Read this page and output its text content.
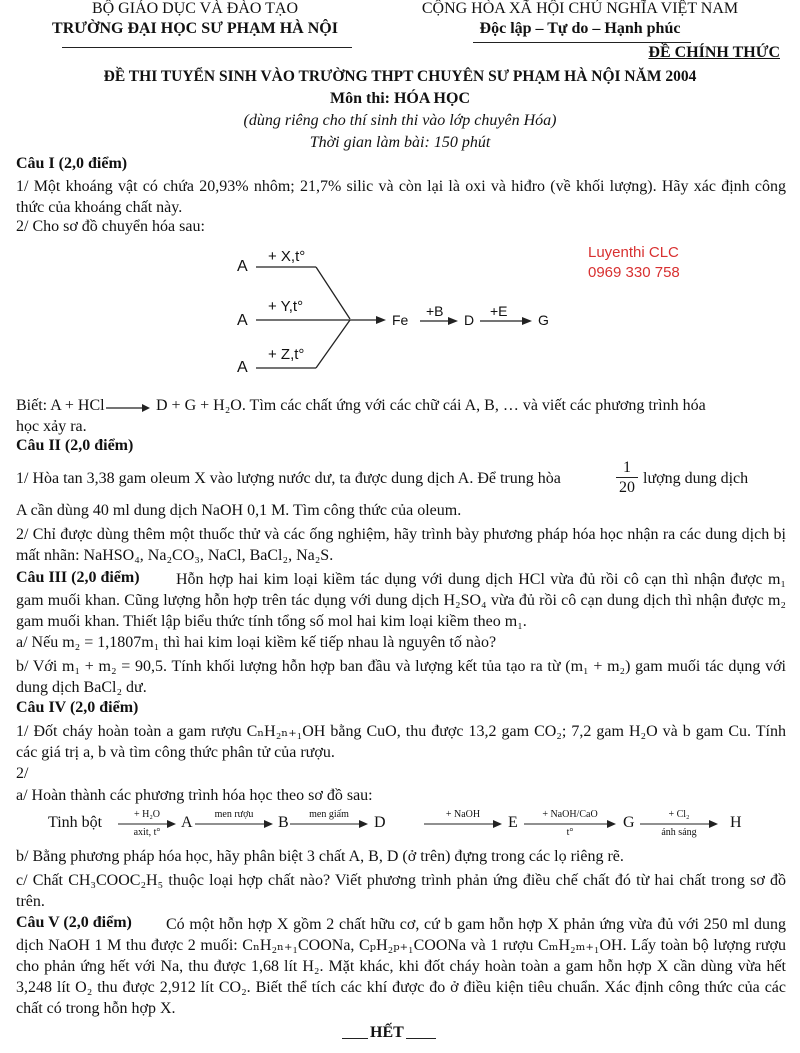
BỘ GIÁO DỤC VÀ ĐÀO TẠO
TRƯỜNG ĐẠI HỌC SƯ PHẠM HÀ NỘI
CỘNG HÒA XÃ HỘI CHỦ NGHĨA VIỆT NAM
Độc lập – Tự do – Hạnh phúc
ĐỀ CHÍNH THỨC
ĐỀ THI TUYỂN SINH VÀO TRƯỜNG THPT CHUYÊN SƯ PHẠM HÀ NỘI NĂM 2004
Môn thi: HÓA HỌC
(dùng riêng cho thí sinh thi vào lớp chuyên Hóa)
Thời gian làm bài: 150 phút
Câu I (2,0 điểm)
1/ Một khoáng vật có chứa 20,93% nhôm; 21,7% silic và còn lại là oxi và hiđro (về khối lượng). Hãy xác định công thức của khoáng chất này.
2/ Cho sơ đồ chuyển hóa sau:
A
A
A
+ X,t°
+ Y,t°
+ Z,t°
Fe
+B
D
+E
G
Luyenthi CLC
0969 330 758
Biết: A + HCl → D + G + H₂O. Tìm các chất ứng với các chữ cái A, B, … và viết các phương trình hóa
học xảy ra.
Câu II (2,0 điểm)
1/ Hòa tan 3,38 gam oleum X vào lượng nước dư, ta được dung dịch A. Để trung hòa	$\frac{1}{20}$ lượng dung dịch
A cần dùng 40 ml dung dịch NaOH 0,1 M. Tìm công thức của oleum.
2/ Chỉ được dùng thêm một thuốc thử và các ống nghiệm, hãy trình bày phương pháp hóa học nhận ra các dung dịch bị mất nhãn: NaHSO₄, Na₂CO₃, NaCl, BaCl₂, Na₂S.
Câu III (2,0 điểm)	Hỗn hợp hai kim loại kiềm tác dụng với dung dịch HCl vừa đủ rồi cô cạn thì nhận được m₁ gam muối khan. Cũng lượng hỗn hợp trên tác dụng với dung dịch H₂SO₄ vừa đủ rồi cô cạn dung dịch thì nhận được m₂ gam muối khan. Thiết lập biểu thức tính tổng số mol hai kim loại kiềm theo m₁.
a/ Nếu m₂ = 1,1807m₁ thì hai kim loại kiềm kế tiếp nhau là nguyên tố nào?
b/ Với m₁ + m₂ = 90,5. Tính khối lượng hỗn hợp ban đầu và lượng kết tủa tạo ra từ (m₁ + m₂) gam muối tác dụng với dung dịch BaCl₂ dư.
Câu IV (2,0 điểm)
1/ Đốt cháy hoàn toàn a gam rượu CₙH₂ₙ₊₁OH bằng CuO, thu được 13,2 gam CO₂; 7,2 gam H₂O và b gam Cu. Tính các giá trị a, b và tìm công thức phân tử của rượu.
2/
a/ Hoàn thành các phương trình hóa học theo sơ đồ sau:
Tinh bột	+ H₂O
axit, t°
A	men rượu	B	men giấm	D	+ NaOH	E	+ NaOH/CaO
t°
G	+ Cl₂
ánh sáng
H
b/ Bằng phương pháp hóa học, hãy phân biệt 3 chất A, B, D (ở trên) đựng trong các lọ riêng rẽ.
c/ Chất CH₃COOC₂H₅ thuộc loại hợp chất nào? Viết phương trình phản ứng điều chế chất đó từ hai chất trong sơ đồ trên.
Câu V (2,0 điểm)	Có một hỗn hợp X gồm 2 chất hữu cơ, cứ b gam hỗn hợp X phản ứng vừa đủ với 250 ml dung dịch NaOH 1 M thu được 2 muối: CₙH₂ₙ₊₁COONa, CₚH₂ₚ₊₁COONa và 1 rượu CₘH₂ₘ₊₁OH. Lấy toàn bộ lượng rượu cho phản ứng hết với Na, thu được 1,68 lít H₂. Mặt khác, khi đốt cháy hoàn toàn a gam hỗn hợp X cần dùng vừa hết 3,248 lít O₂ thu được 2,912 lít CO₂. Biết thể tích các khí được đo ở điều kiện tiêu chuẩn. Xác định công thức của các chất có trong hỗn hợp X.
HẾT
